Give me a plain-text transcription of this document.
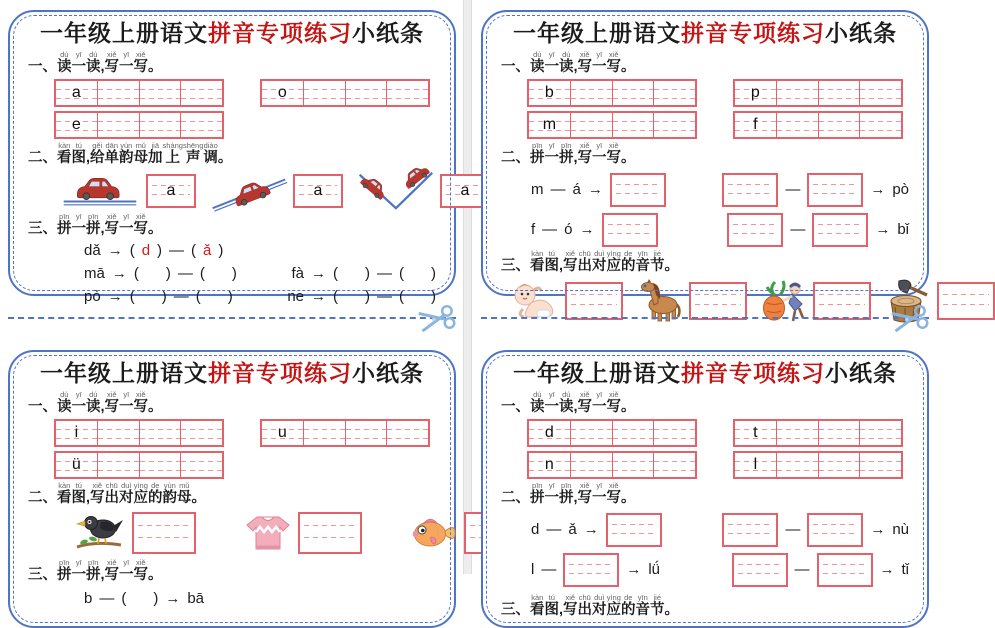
一年级上册语文拼音专项练习小纸条
一、
dú
读
yī
一
dú
读
,
xiě
写
yī
一
xiě
写
。
a	o
e
二、
kàn
看
tú
图
,
gěi
给
dān
单
yùn
韵
mǔ
母
jiā
加
shàng
上
shēng
声
diào
调
。
a	a	a
三、
pīn
拼
yī
一
pīn
拼
,
xiě
写
yī
一
xiě
写
。
dǎ → ( d ) — ( ǎ )
mā → ( ) — ( )	fà → ( ) — ( )
pò → ( ) — ( )	ne → ( ) — ( )
一年级上册语文拼音专项练习小纸条
一、
dú
读
yī
一
dú
读
,
xiě
写
yī
一
xiě
写
。
i	u
ü
二、
kàn
看
tú
图
,
xiě
写
chū
出
duì
对
yìng
应
de
的
yùn
韵
mǔ
母
。
三、
pīn
拼
yī
一
pīn
拼
,
xiě
写
yī
一
xiě
写
。
b — ( ) → bā
一年级上册语文拼音专项练习小纸条
一、
dú
读
yī
一
dú
读
,
xiě
写
yī
一
xiě
写
。
b	p
m	f
二、
pīn
拼
yī
一
pīn
拼
,
xiě
写
yī
一
xiě
写
。
m — á →	—	→ pò
f — ó →	—	→ bǐ
三、
kàn
看
tú
图
,
xiě
写
chū
出
duì
对
yìng
应
de
的
yīn
音
jié
节
。
一年级上册语文拼音专项练习小纸条
一、
dú
读
yī
一
dú
读
,
xiě
写
yī
一
xiě
写
。
d	t
n	l
二、
pīn
拼
yī
一
pīn
拼
,
xiě
写
yī
一
xiě
写
。
d — ǎ →	—	→ nù
l —	→ lǘ	—	→ tǐ
三、
kàn
看
tú
图
,
xiě
写
chū
出
duì
对
yìng
应
de
的
yīn
音
jié
节
。
